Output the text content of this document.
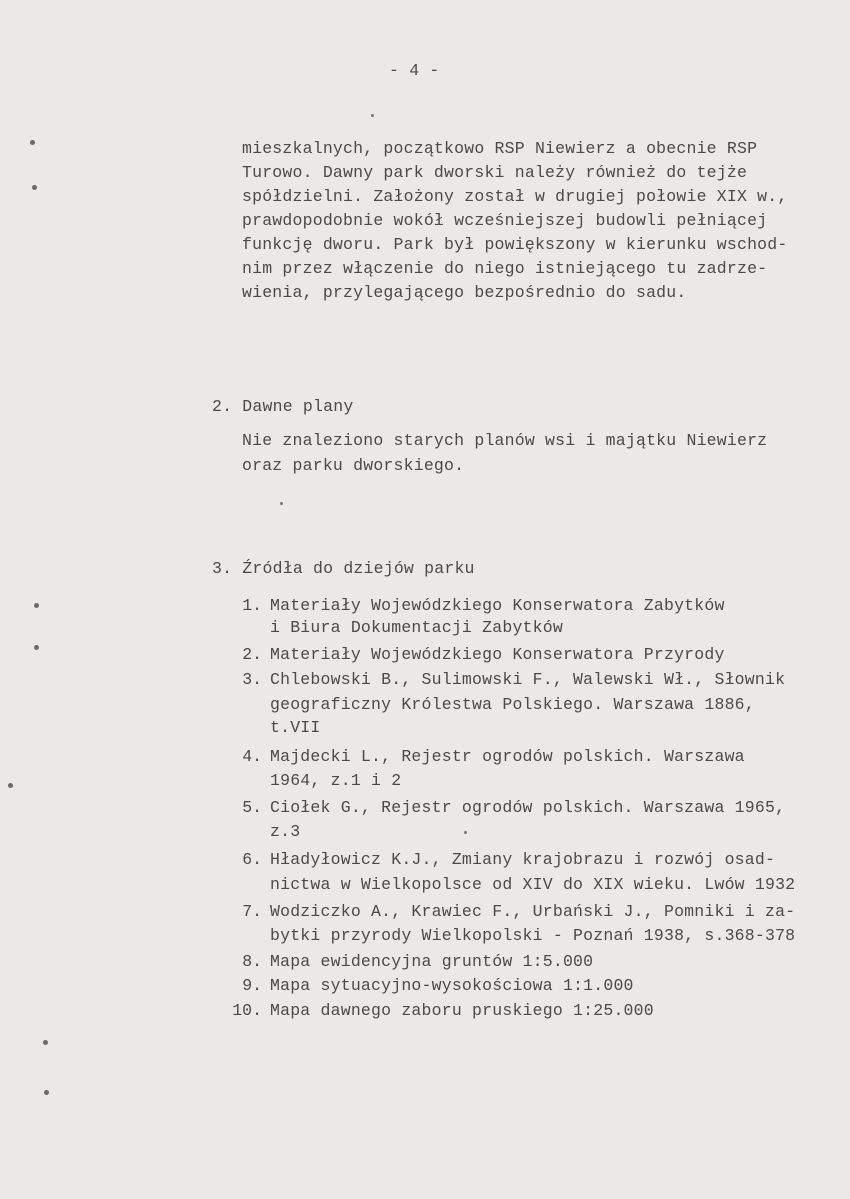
- 4 -
mieszkalnych, początkowo RSP Niewierz a obecnie RSP
Turowo. Dawny park dworski należy również do tejże
spółdzielni. Założony został w drugiej połowie XIX w.,
prawdopodobnie wokół wcześniejszej budowli pełniącej
funkcję dworu. Park był powiększony w kierunku wschod-
nim przez włączenie do niego istniejącego tu zadrze-
wienia, przylegającego bezpośrednio do sadu.
2. Dawne plany
Nie znaleziono starych planów wsi i majątku Niewierz
oraz parku dworskiego.
3. Źródła do dziejów parku
1. Materiały Wojewódzkiego Konserwatora Zabytków
i Biura Dokumentacji Zabytków
2. Materiały Wojewódzkiego Konserwatora Przyrody
3. Chlebowski B., Sulimowski F., Walewski Wł., Słownik
geograficzny Królestwa Polskiego. Warszawa 1886,
t.VII
4. Majdecki L., Rejestr ogrodów polskich. Warszawa
1964, z.1 i 2
5. Ciołek G., Rejestr ogrodów polskich. Warszawa 1965,
z.3
6. Hładyłowicz K.J., Zmiany krajobrazu i rozwój osad-
nictwa w Wielkopolsce od XIV do XIX wieku. Lwów 1932
7. Wodziczko A., Krawiec F., Urbański J., Pomniki i za-
bytki przyrody Wielkopolski - Poznań 1938, s.368-378
8. Mapa ewidencyjna gruntów 1:5.000
9. Mapa sytuacyjno-wysokościowa 1:1.000
10. Mapa dawnego zaboru pruskiego 1:25.000
